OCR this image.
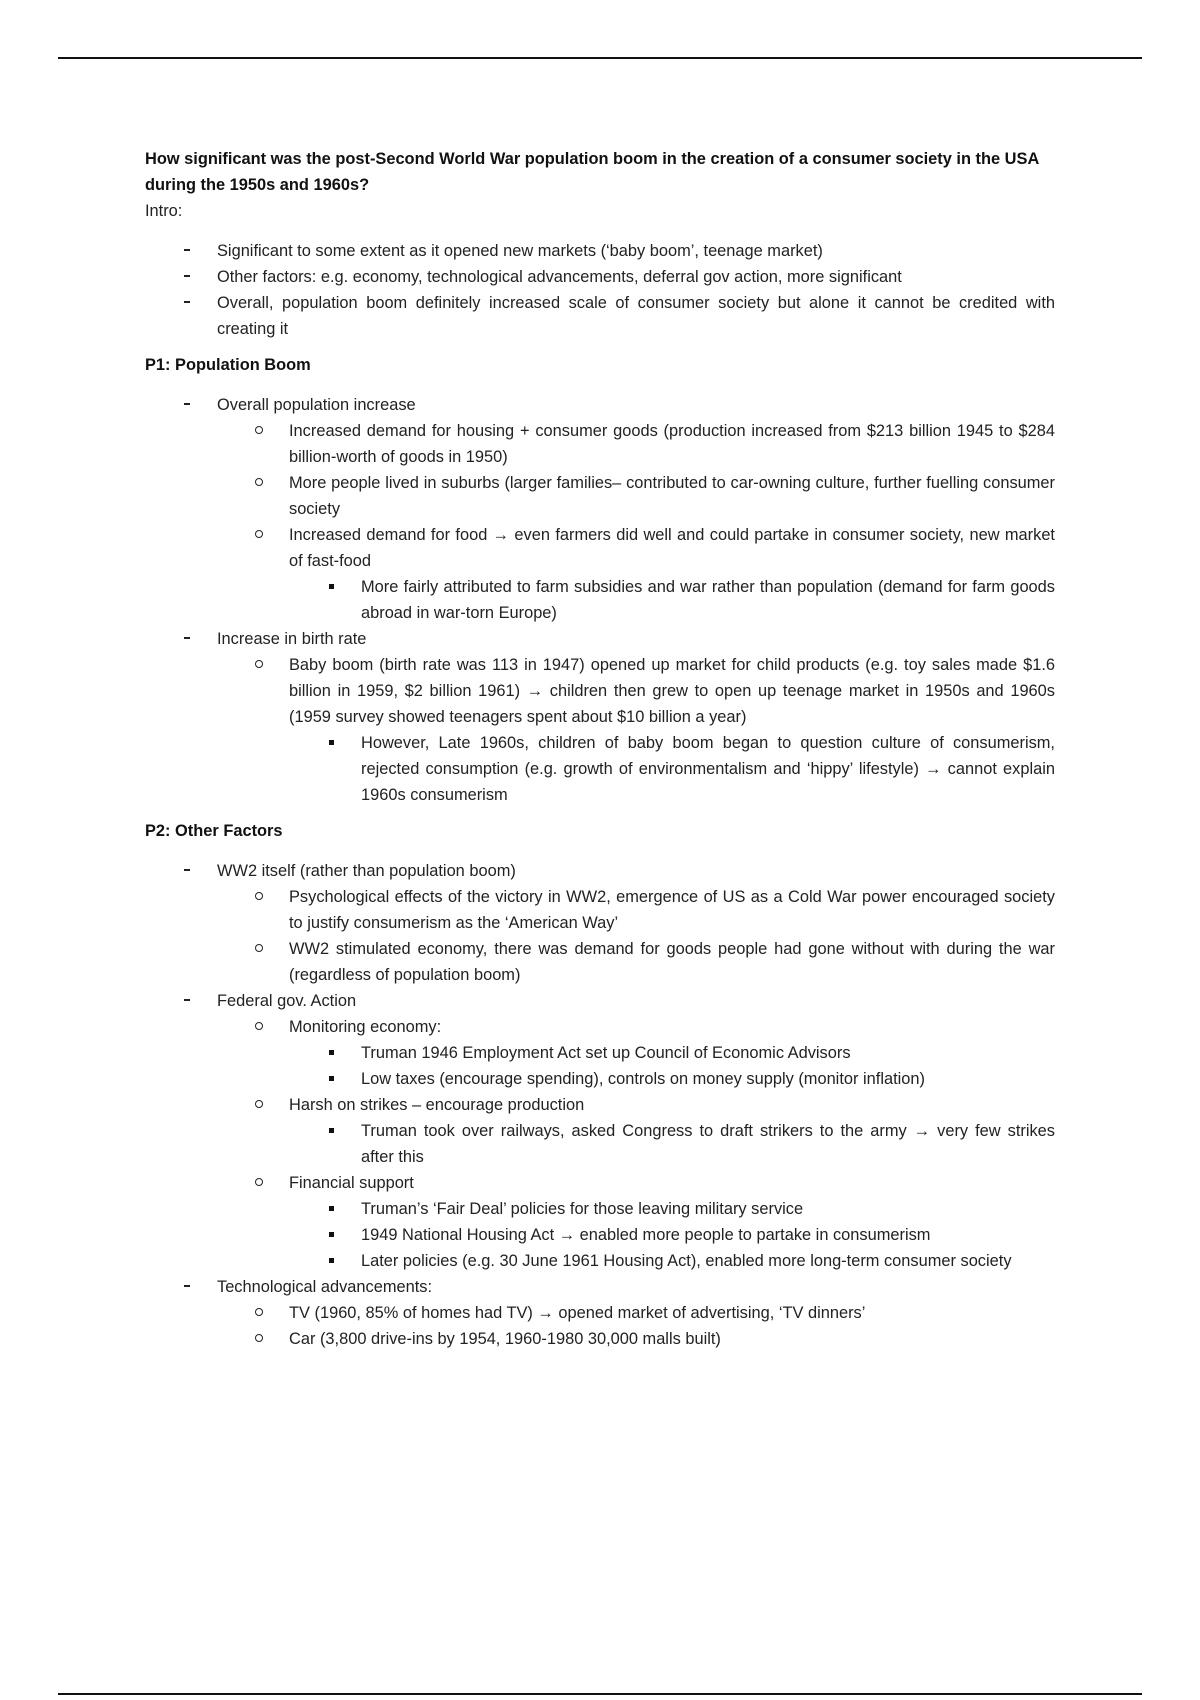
How significant was the post-Second World War population boom in the creation of a consumer society in the USA during the 1950s and 1960s?

Intro:

Significant to some extent as it opened new markets (‘baby boom’, teenage market)
Other factors: e.g. economy, technological advancements, deferral gov action, more significant
Overall, population boom definitely increased scale of consumer society but alone it cannot be credited with creating it

P1: Population Boom

Overall population increase
Increased demand for housing + consumer goods (production increased from $213 billion 1945 to $284 billion-worth of goods in 1950)
More people lived in suburbs (larger families– contributed to car-owning culture, further fuelling consumer society
Increased demand for food → even farmers did well and could partake in consumer society, new market of fast-food
More fairly attributed to farm subsidies and war rather than population (demand for farm goods abroad in war-torn Europe)
Increase in birth rate
Baby boom (birth rate was 113 in 1947) opened up market for child products (e.g. toy sales made $1.6 billion in 1959, $2 billion 1961) → children then grew to open up teenage market in 1950s and 1960s (1959 survey showed teenagers spent about $10 billion a year)
However, Late 1960s, children of baby boom began to question culture of consumerism, rejected consumption (e.g. growth of environmentalism and ‘hippy’ lifestyle) → cannot explain 1960s consumerism

P2: Other Factors

WW2 itself (rather than population boom)
Psychological effects of the victory in WW2, emergence of US as a Cold War power encouraged society to justify consumerism as the ‘American Way’
WW2 stimulated economy, there was demand for goods people had gone without with during the war (regardless of population boom)
Federal gov. Action
Monitoring economy:
Truman 1946 Employment Act set up Council of Economic Advisors
Low taxes (encourage spending), controls on money supply (monitor inflation)
Harsh on strikes – encourage production
Truman took over railways, asked Congress to draft strikers to the army → very few strikes after this
Financial support
Truman’s ‘Fair Deal’ policies for those leaving military service
1949 National Housing Act → enabled more people to partake in consumerism
Later policies (e.g. 30 June 1961 Housing Act), enabled more long-term consumer society
Technological advancements:
TV (1960, 85% of homes had TV) → opened market of advertising, ‘TV dinners’
Car (3,800 drive-ins by 1954, 1960-1980 30,000 malls built)
